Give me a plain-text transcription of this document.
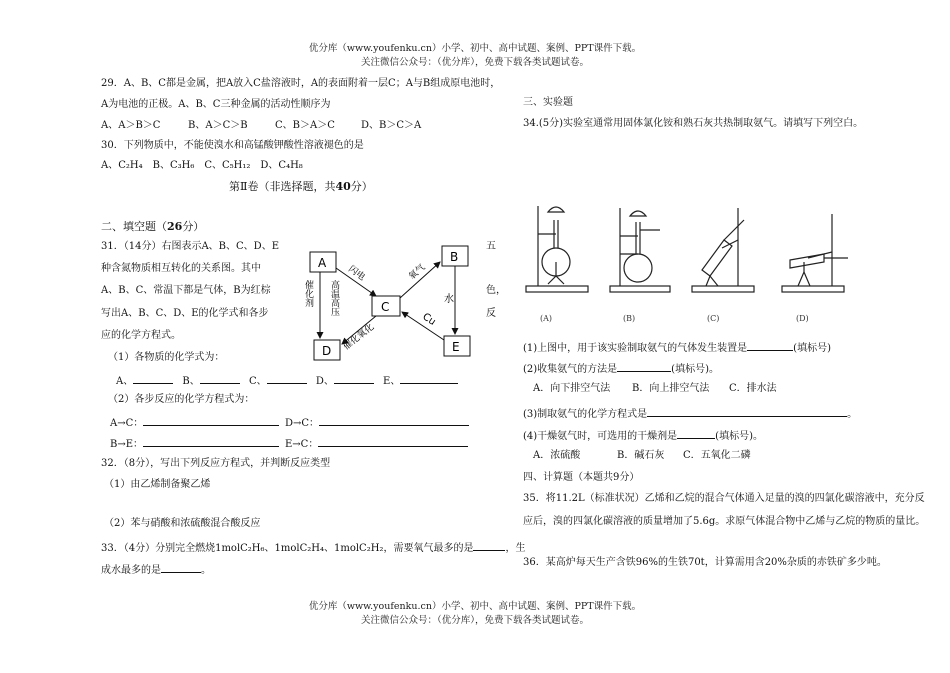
优分库（www.youfenku.cn）小学、初中、高中试题、案例、PPT课件下载。
关注微信公众号：（优分库），免费下载各类试题试卷。
29．A、B、C都是金属，把A放入C盐溶液时，A的表面附着一层C；A与B组成原电池时，
A为电池的正极。A、B、C三种金属的活动性顺序为
A、A＞B＞C	B、A＞C＞B	C、B＞A＞C	D、B＞C＞A
30．下列物质中，不能使溴水和高锰酸钾酸性溶液褪色的是
A、C₂H₄　B、C₃H₆　C、C₅H₁₂　D、C₄H₈
第Ⅱ卷（非选择题，共40分）
二、填空题（26分）
31．（14分）右图表示A、B、C、D、E
种含氮物质相互转化的关系图。其中
A、B、C、常温下都是气体，B为红棕
写出A、B、C、D、E的化学式和各步
应的化学方程式。
五
色，
反
A	B
C
D	E
闪电	氧气
水
Cu
催化剂 高温高压
催化氧化
（1）各物质的化学式为：
A、	B、	C、	D、	E、
（2）各步反应的化学方程式为：
A→C：	D→C：
B→E：	E→C：
32．（8分），写出下列反应方程式，并判断反应类型
（1）由乙烯制备聚乙烯
（2）苯与硝酸和浓硫酸混合酸反应
33．（4分）分别完全燃烧1molC₂H₆、1molC₂H₄、1molC₂H₂，需要氧气最多的是	，生
成水最多的是	。
三、实验题
34.(5分)实验室通常用固体氯化铵和熟石灰共热制取氨气。请填写下列空白。
(A)	(B)	(C)	(D)
(1)上图中，用于该实验制取氨气的气体发生装置是	(填标号)
(2)收集氨气的方法是	(填标号)。
A．向下排空气法 B．向上排空气法 C．排水法
(3)制取氨气的化学方程式是	。
(4)干燥氨气时，可选用的干燥剂是	(填标号)。
A．浓硫酸	B．碱石灰 C．五氧化二磷
四、计算题（本题共9分）
35．将11.2L（标准状况）乙烯和乙烷的混合气体通入足量的溴的四氯化碳溶液中，充分反
应后，溴的四氯化碳溶液的质量增加了5.6g。求原气体混合物中乙烯与乙烷的物质的量比。
36．某高炉每天生产含铁96%的生铁70t，计算需用含20%杂质的赤铁矿多少吨。
优分库（www.youfenku.cn）小学、初中、高中试题、案例、PPT课件下载。
关注微信公众号：（优分库），免费下载各类试题试卷。
